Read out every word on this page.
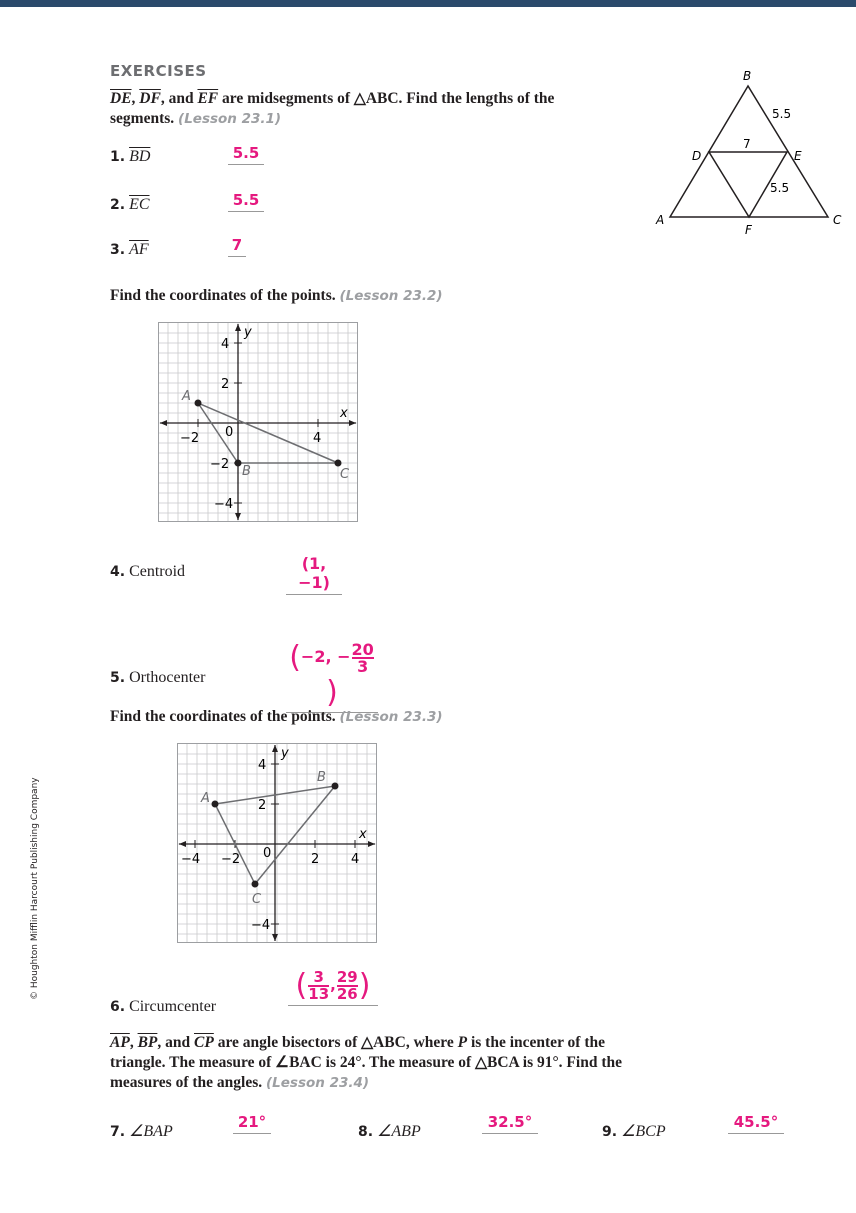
EXERCISES
$\overline{DE}$, $\overline{DF}$, and $\overline{EF}$ are midsegments of △ABC. Find the lengths of the
segments. (Lesson 23.1)
1. $\overline{BD}$	5.5
2. $\overline{EC}$	5.5
3. $\overline{AF}$	7
B
D	E
A	C
F
5.5
7
5.5
Find the coordinates of the points. (Lesson 23.2)
y
x
4
2
−2
−4
−2	4
0
A
B	C
4. Centroid	(1, −1)
5. Orthocenter
(−2, − $\frac{20}{3}$
)
Find the coordinates of the points. (Lesson 23.3)
y
x
4
2
−4
−4 −2	2 4
0
A
B
C
6. Circumcenter
( $\frac{3}{13}$ , $\frac{29}{26}$ )
$\overline{AP}$, $\overline{BP}$, and $\overline{CP}$ are angle bisectors of △ABC, where P is the incenter of the
triangle. The measure of ∠BAC is 24°. The measure of △BCA is 91°. Find the
measures of the angles. (Lesson 23.4)
7. ∠BAP
21°
8. ∠ABP
32.5°
9. ∠BCP
45.5°
© Houghton Mifflin Harcourt Publishing Company
